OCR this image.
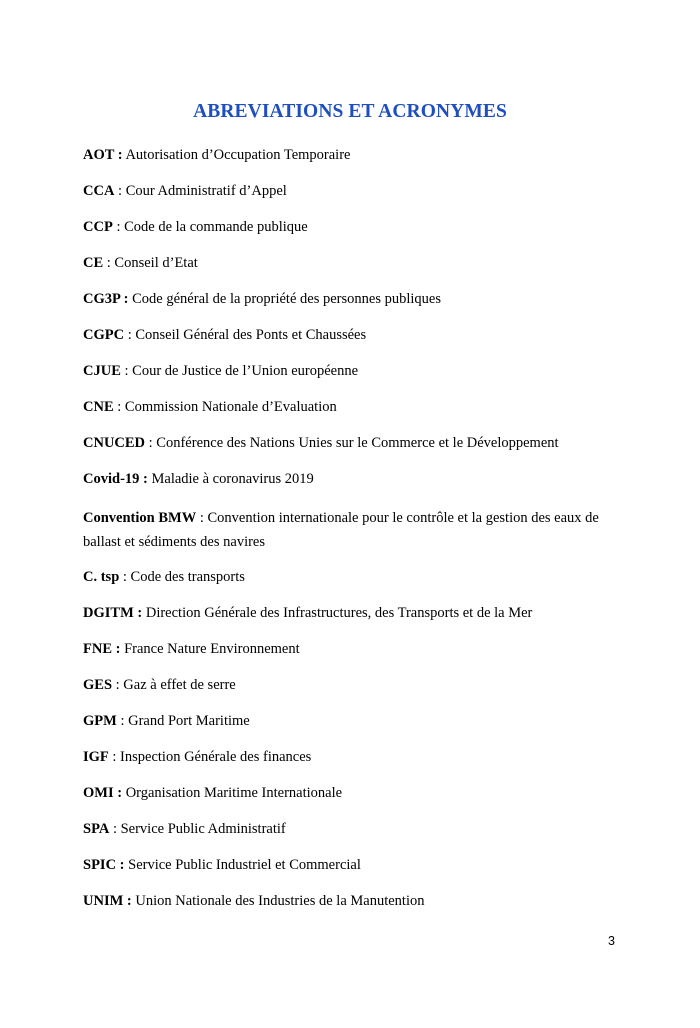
ABREVIATIONS ET ACRONYMES
AOT : Autorisation d’Occupation Temporaire
CCA : Cour Administratif d’Appel
CCP : Code de la commande publique
CE : Conseil d’Etat
CG3P : Code général de la propriété des personnes publiques
CGPC : Conseil Général des Ponts et Chaussées
CJUE : Cour de Justice de l’Union européenne
CNE : Commission Nationale d’Evaluation
CNUCED : Conférence des Nations Unies sur le Commerce et le Développement
Covid-19 : Maladie à coronavirus 2019
Convention BMW : Convention internationale pour le contrôle et la gestion des eaux de ballast et sédiments des navires
C. tsp : Code des transports
DGITM : Direction Générale des Infrastructures, des Transports et de la Mer
FNE : France Nature Environnement
GES : Gaz à effet de serre
GPM : Grand Port Maritime
IGF : Inspection Générale des finances
OMI : Organisation Maritime Internationale
SPA : Service Public Administratif
SPIC : Service Public Industriel et Commercial
UNIM : Union Nationale des Industries de la Manutention
3
